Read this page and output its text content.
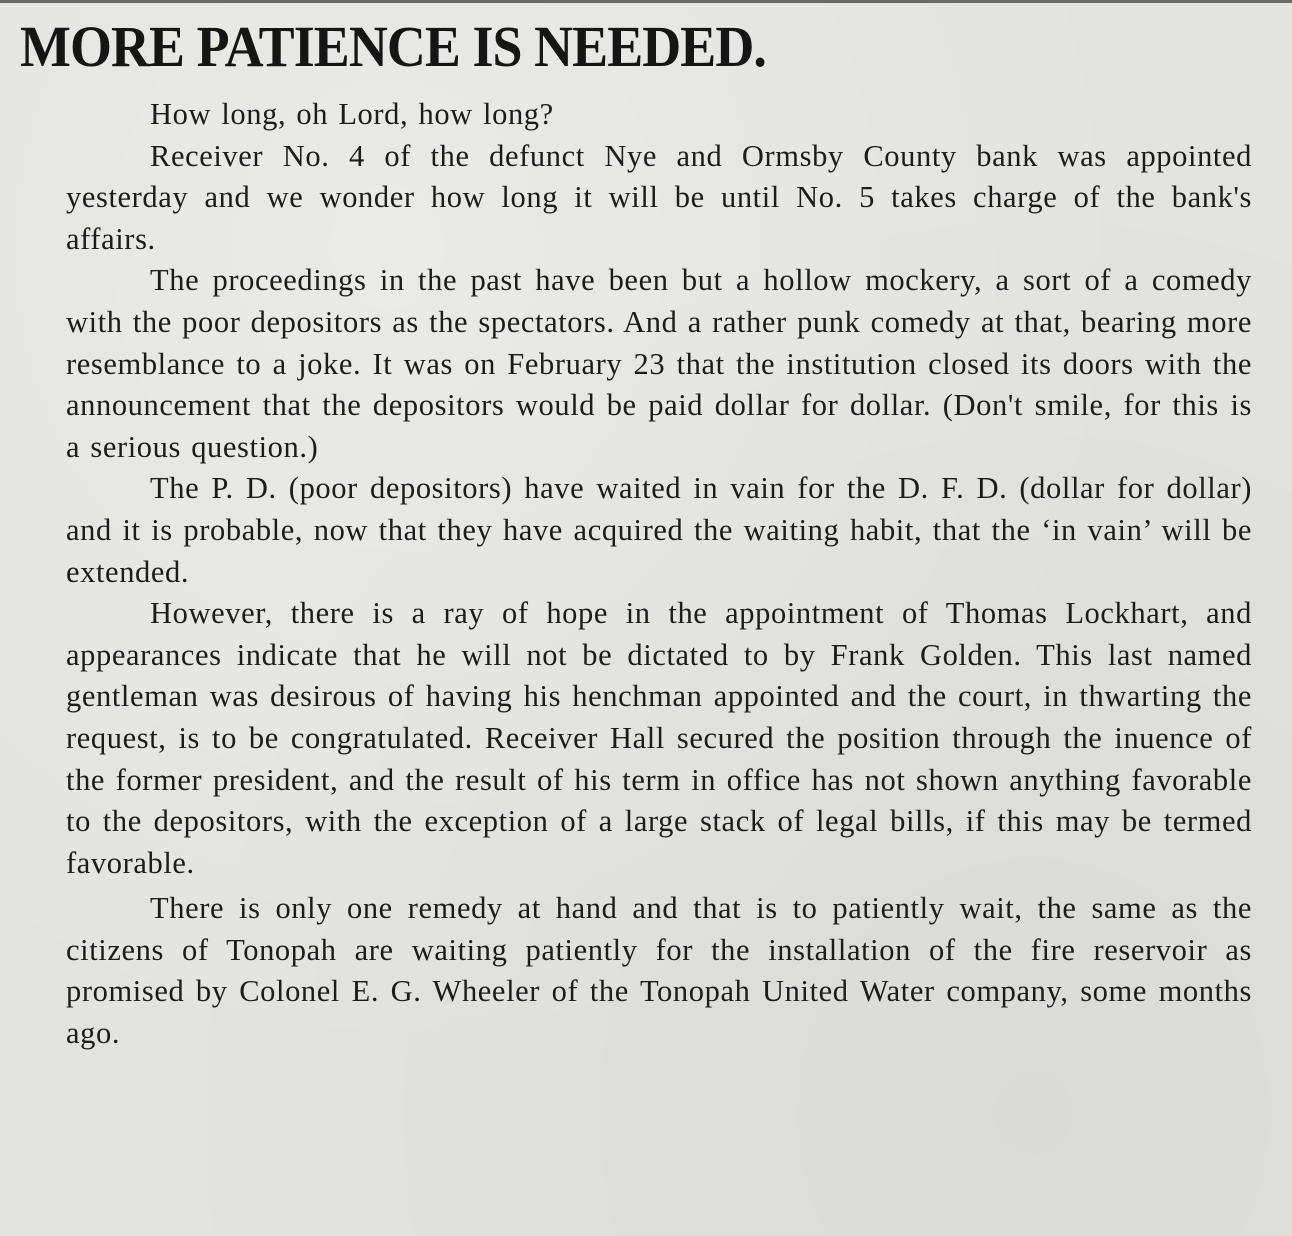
MORE PATIENCE IS NEEDED.

How long, oh Lord, how long?

Receiver No. 4 of the defunct Nye and Ormsby County bank was appointed yesterday and we wonder how long it will be until No. 5 takes charge of the bank's affairs.

The proceedings in the past have been but a hollow mockery, a sort of a comedy with the poor depositors as the spectators. And a rather punk comedy at that, bearing more resemblance to a joke. It was on February 23 that the institution closed its doors with the announcement that the depositors would be paid dollar for dollar. (Don't smile, for this is a serious question.)

The P. D. (poor depositors) have waited in vain for the D. F. D. (dollar for dollar) and it is probable, now that they have acquired the waiting habit, that the ‘in vain’ will be extended.

However, there is a ray of hope in the appointment of Thomas Lockhart, and appearances indicate that he will not be dictated to by Frank Golden. This last named gentleman was desirous of having his henchman appointed and the court, in thwarting the request, is to be congratulated. Receiver Hall secured the position through the inuence of the former president, and the result of his term in office has not shown anything favorable to the depositors, with the exception of a large stack of legal bills, if this may be termed favorable.

There is only one remedy at hand and that is to patiently wait, the same as the citizens of Tonopah are waiting patiently for the installation of the fire reservoir as promised by Colonel E. G. Wheeler of the Tonopah United Water company, some months ago.
